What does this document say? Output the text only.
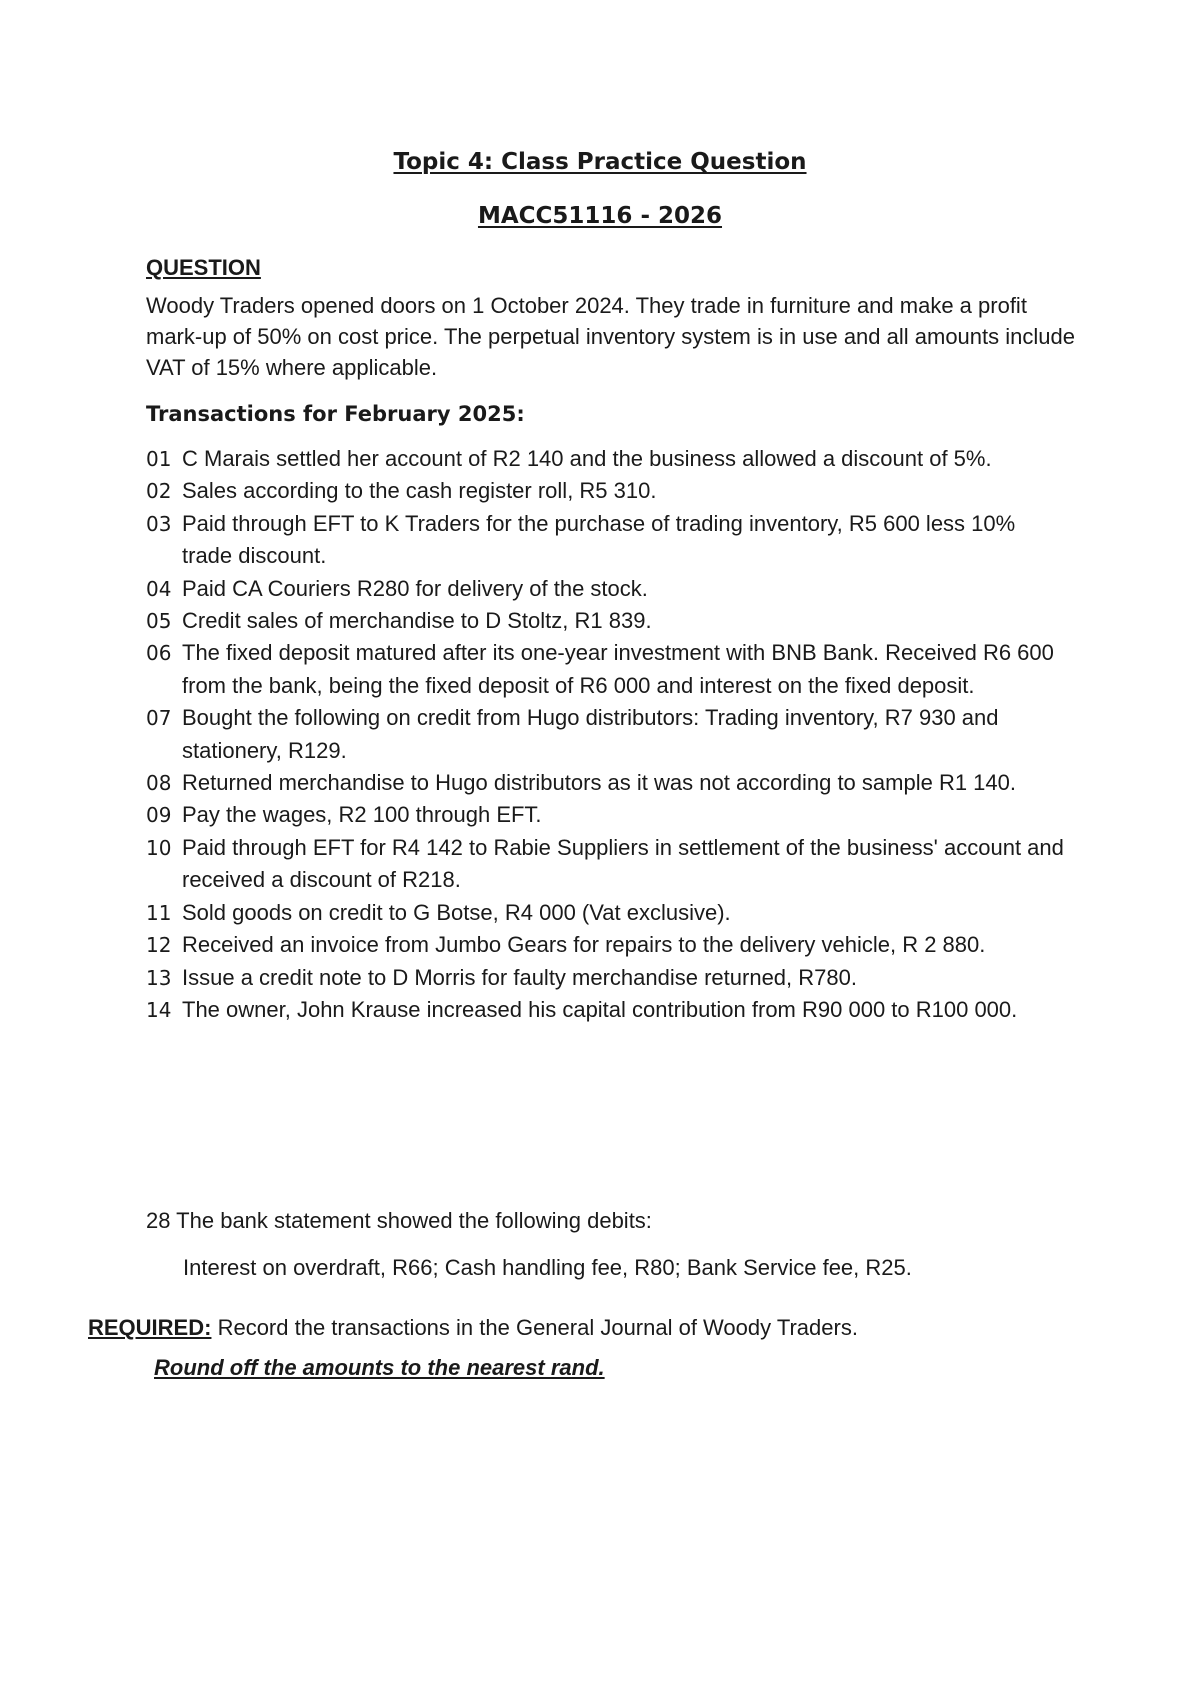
Topic 4: Class Practice Question
MACC51116 - 2026
QUESTION
Woody Traders opened doors on 1 October 2024. They trade in furniture and make a profit mark-up of 50% on cost price. The perpetual inventory system is in use and all amounts include VAT of 15% where applicable.
Transactions for February 2025:
01 C Marais settled her account of R2 140 and the business allowed a discount of 5%.
02 Sales according to the cash register roll, R5 310.
03 Paid through EFT to K Traders for the purchase of trading inventory, R5 600 less 10% trade discount.
04 Paid CA Couriers R280 for delivery of the stock.
05 Credit sales of merchandise to D Stoltz, R1 839.
06 The fixed deposit matured after its one-year investment with BNB Bank. Received R6 600 from the bank, being the fixed deposit of R6 000 and interest on the fixed deposit.
07 Bought the following on credit from Hugo distributors: Trading inventory, R7 930 and stationery, R129.
08 Returned merchandise to Hugo distributors as it was not according to sample R1 140.
09 Pay the wages, R2 100 through EFT.
10 Paid through EFT for R4 142 to Rabie Suppliers in settlement of the business' account and received a discount of R218.
11 Sold goods on credit to G Botse, R4 000 (Vat exclusive).
12 Received an invoice from Jumbo Gears for repairs to the delivery vehicle, R 2 880.
13 Issue a credit note to D Morris for faulty merchandise returned, R780.
14 The owner, John Krause increased his capital contribution from R90 000 to R100 000.
28 The bank statement showed the following debits:
Interest on overdraft, R66; Cash handling fee, R80; Bank Service fee, R25.
REQUIRED: Record the transactions in the General Journal of Woody Traders.
Round off the amounts to the nearest rand.
